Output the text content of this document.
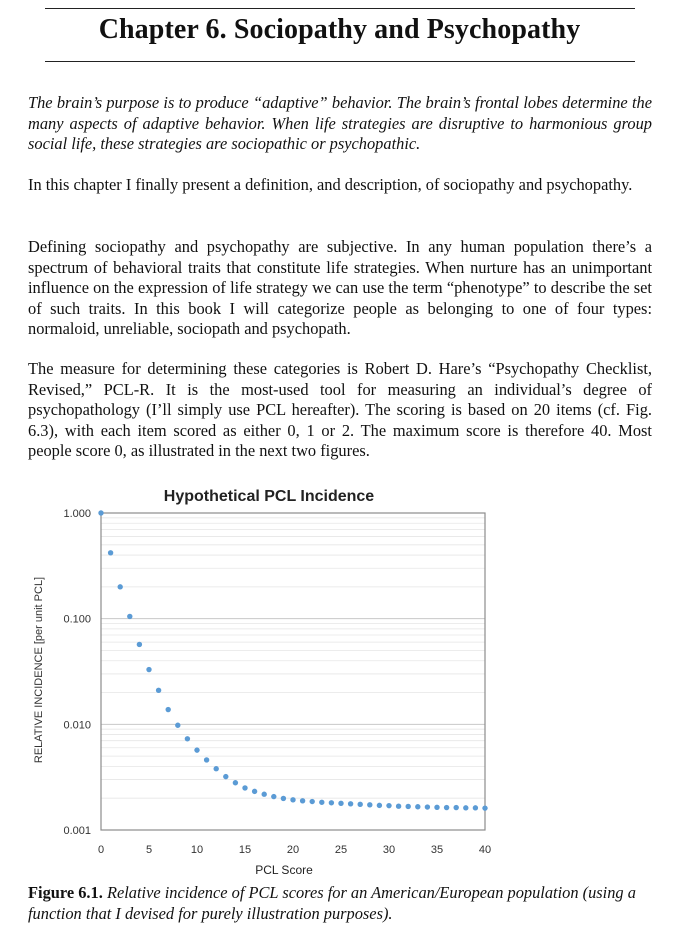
Chapter 6. Sociopathy and Psychopathy

The brain’s purpose is to produce “adaptive” behavior. The brain’s frontal lobes determine the many aspects of adaptive behavior. When life strategies are disruptive to harmonious group social life, these strategies are sociopathic or psychopathic.

In this chapter I finally present a definition, and description, of sociopathy and psychopathy.

Defining sociopathy and psychopathy are subjective. In any human population there’s a spectrum of behavioral traits that constitute life strategies. When nurture has an unimportant influence on the expression of life strategy we can use the term “phenotype” to describe the set of such traits. In this book I will categorize people as belonging to one of four types: normaloid, unreliable, sociopath and psychopath.

The measure for determining these categories is Robert D. Hare’s “Psychopathy Checklist, Revised,” PCL-R. It is the most-used tool for measuring an individual’s degree of psychopathology (I’ll simply use PCL hereafter). The scoring is based on 20 items (cf. Fig. 6.3), with each item scored as either 0, 1 or 2. The maximum score is therefore 40. Most people score 0, as illustrated in the next two figures.

Hypothetical PCL Incidence
0.001
0.010
0.100
1.000
0	5	10	15	20	25	30	35	40
RELATIVE INCIDENCE [per unit PCL]
PCL Score

Figure 6.1. Relative incidence of PCL scores for an American/European population (using a function that I devised for purely illustration purposes).
